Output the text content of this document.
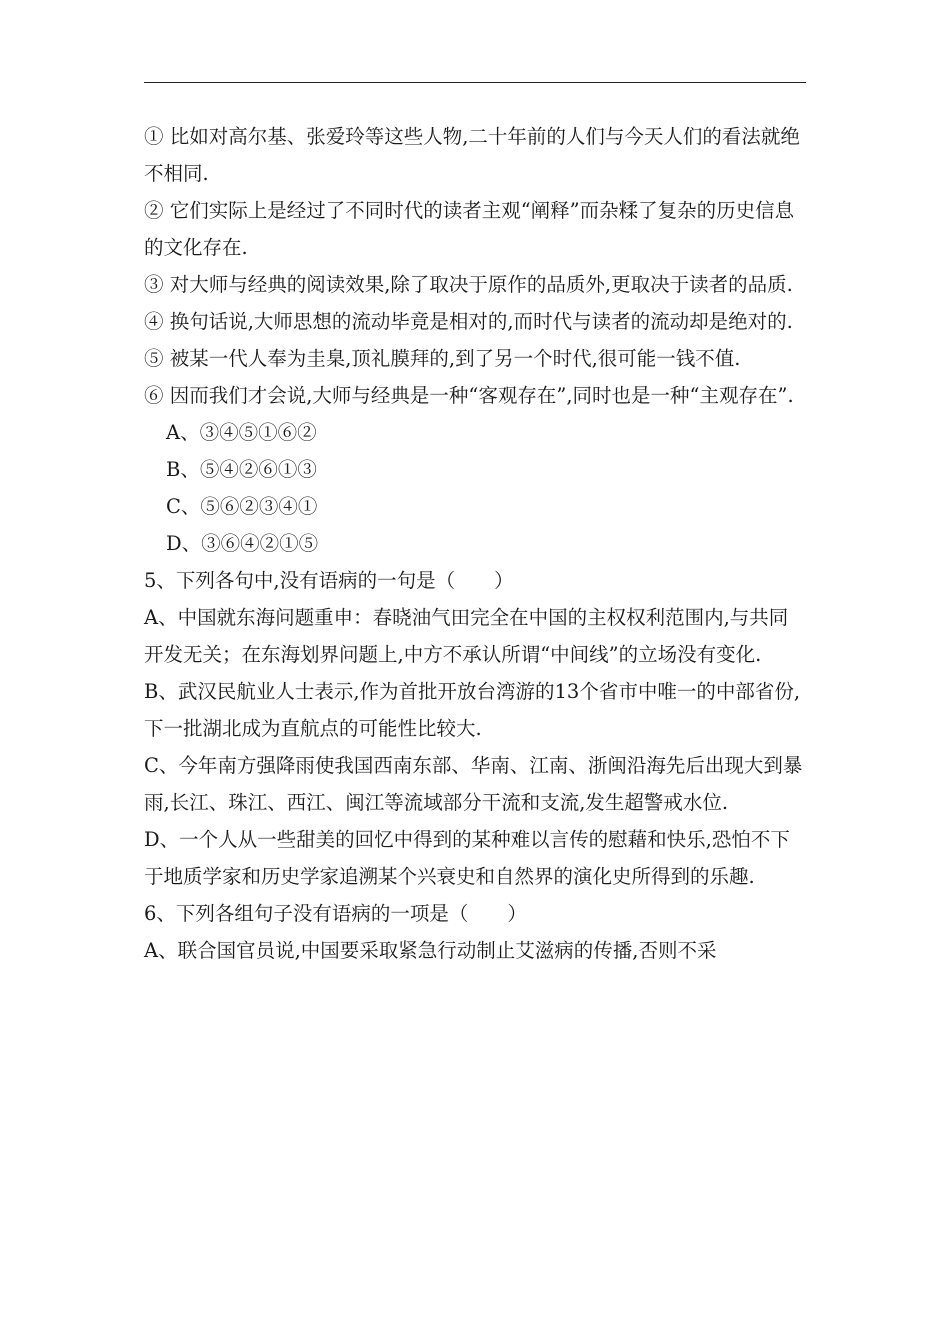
① 比如对高尔基、张爱玲等这些人物,二十年前的人们与今天人们的看法就绝不相同.

② 它们实际上是经过了不同时代的读者主观“阐释”而杂糅了复杂的历史信息的文化存在.

③ 对大师与经典的阅读效果,除了取决于原作的品质外,更取决于读者的品质.

④ 换句话说,大师思想的流动毕竟是相对的,而时代与读者的流动却是绝对的.

⑤ 被某一代人奉为圭臬,顶礼膜拜的,到了另一个时代,很可能一钱不值.

⑥ 因而我们才会说,大师与经典是一种“客观存在”,同时也是一种“主观存在”.

A、③④⑤①⑥②

B、⑤④②⑥①③

C、⑤⑥②③④①

D、③⑥④②①⑤

5、下列各句中,没有语病的一句是（　　）

A、中国就东海问题重申：春晓油气田完全在中国的主权权利范围内,与共同开发无关；在东海划界问题上,中方不承认所谓“中间线”的立场没有变化.

B、武汉民航业人士表示,作为首批开放台湾游的13个省市中唯一的中部省份,下一批湖北成为直航点的可能性比较大.

C、今年南方强降雨使我国西南东部、华南、江南、浙闽沿海先后出现大到暴雨,长江、珠江、西江、闽江等流域部分干流和支流,发生超警戒水位.

D、一个人从一些甜美的回忆中得到的某种难以言传的慰藉和快乐,恐怕不下于地质学家和历史学家追溯某个兴衰史和自然界的演化史所得到的乐趣.

6、下列各组句子没有语病的一项是（　　）

A、联合国官员说,中国要采取紧急行动制止艾滋病的传播,否则不采
